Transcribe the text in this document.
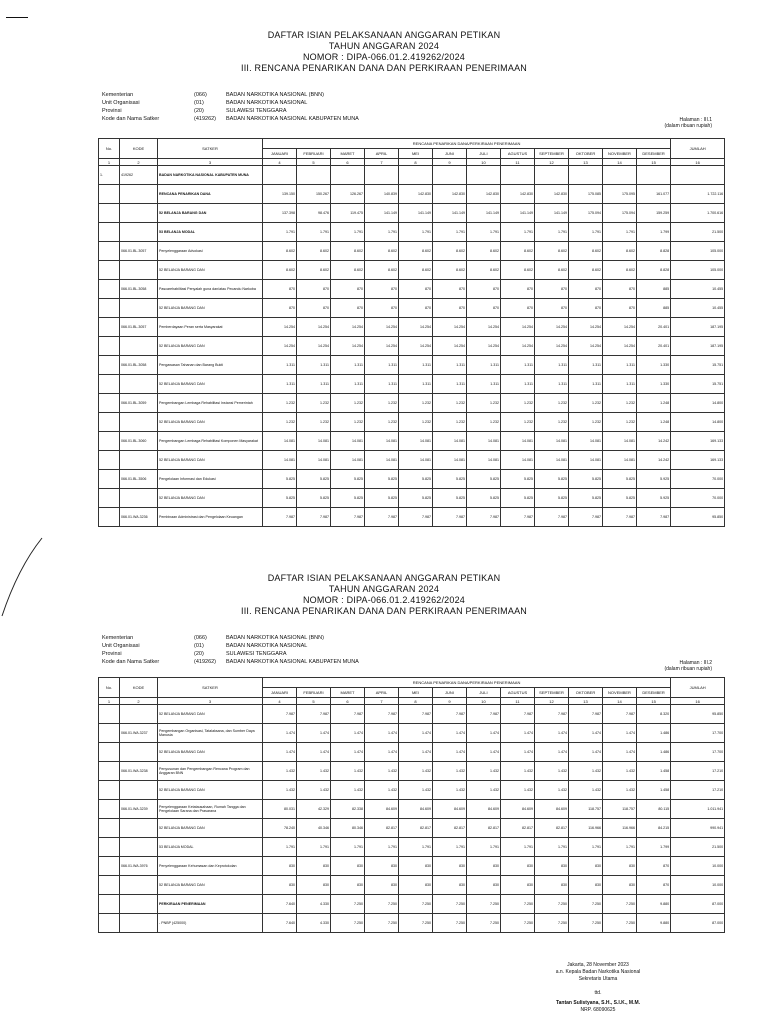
DAFTAR ISIAN PELAKSANAAN ANGGARAN PETIKAN
TAHUN ANGGARAN 2024
NOMOR : DIPA-066.01.2.419262/2024
III. RENCANA PENARIKAN DANA DAN PERKIRAAN PENERIMAAN
Kementerian	(066)	BADAN NARKOTIKA NASIONAL (BNN)
Unit Organisasi	(01)	BADAN NARKOTIKA NASIONAL
Provinsi	(20)	SULAWESI TENGGARA
Kode dan Nama Satker	(419262)	BADAN NARKOTIKA NASIONAL KABUPATEN MUNA	Halaman : III.1
(dalam ribuan rupiah)
No.	KODE	SATKER	RENCANA PENARIKAN DANA/PERKIRAAN PENERIMAAN												JUMLAH
			JANUARI	FEBRUARI	MARET	APRIL	MEI	JUNI	JULI	AGUSTUS	SEPTEMBER	OKTOBER	NOVEMBER	DESEMBER	
1	2	3	4	5	6	7	8	9	10	11	12	13	14	15	16
1.	419262	BADAN NARKOTIKA NASIONAL KABUPATEN MUNA													
		RENCANA PENARIKAN DANA	139.150	150.267	126.267	140.839	142.830	142.830	142.830	142.830	142.830	175.085	175.095	161.077	1.722.116
		52 BELANJA BARANG DAN	137.398	98.476	119.475	141.149	141.149	141.149	141.149	141.149	141.149	175.094	175.094	159.259	1.700.616
		53 BELANJA MODAL	1.791	1.791	1.791	1.791	1.791	1.791	1.791	1.791	1.791	1.791	1.791	1.799	21.500
	066.01.BL.3057	Penyelenggaraan Advokasi	8.602	8.602	8.602	8.602	8.602	8.602	8.602	8.602	8.602	8.602	8.602	8.828	105.000
		52 BELANJA BARANG DAN	8.602	8.602	8.602	8.602	8.602	8.602	8.602	8.602	8.602	8.602	8.602	8.828	105.000
	066.01.BL.3058	Pascarehabilitasi Penyalah guna dan/atau Pecandu Narkoba	870	870	870	870	870	870	870	870	870	870	870	885	10.455
		52 BELANJA BARANG DAN	870	870	870	870	870	870	870	870	870	870	870	885	10.455
	066.01.BL.3057	Pemberdayaan Peran serta Masyarakat	14.254	14.254	14.254	14.254	14.254	14.254	14.254	14.254	14.254	14.254	14.254	20.401	187.195
		52 BELANJA BARANG DAN	14.254	14.254	14.254	14.254	14.254	14.254	14.254	14.254	14.254	14.254	14.254	20.401	187.195
	066.01.BL.3058	Pengawasan Tahanan dan Barang Bukti	1.311	1.311	1.311	1.311	1.311	1.311	1.311	1.311	1.311	1.311	1.311	1.330	15.751
		52 BELANJA BARANG DAN	1.311	1.311	1.311	1.311	1.311	1.311	1.311	1.311	1.311	1.311	1.311	1.330	15.751
	066.01.BL.3059	Pengembangan Lembaga Rehabilitasi Instansi Pemerintah	1.232	1.232	1.232	1.232	1.232	1.232	1.232	1.232	1.232	1.232	1.232	1.248	14.800
		52 BELANJA BARANG DAN	1.232	1.232	1.232	1.232	1.232	1.232	1.232	1.232	1.232	1.232	1.232	1.248	14.800
	066.01.BL.3060	Pengembangan Lembaga Rehabilitasi Komponen Masyarakat	14.081	14.081	14.081	14.081	14.081	14.081	14.081	14.081	14.081	14.081	14.081	14.242	169.133
		52 BELANJA BARANG DAN	14.081	14.081	14.081	14.081	14.081	14.081	14.081	14.081	14.081	14.081	14.081	14.242	169.133
	066.01.BL.3506	Pengelolaan Informasi dan Edukasi	5.825	5.825	5.825	5.825	5.825	5.825	5.825	5.825	5.825	5.825	5.825	5.925	70.000
		52 BELANJA BARANG DAN	5.825	5.825	5.825	5.825	5.825	5.825	5.825	5.825	5.825	5.825	5.825	5.925	70.000
	066.01.WA.3236	Pembinaan Administrasi dan Pengelolaan Keuangan	7.987	7.987	7.987	7.987	7.987	7.987	7.987	7.987	7.987	7.987	7.987	7.987	95.850
DAFTAR ISIAN PELAKSANAAN ANGGARAN PETIKAN
TAHUN ANGGARAN 2024
NOMOR : DIPA-066.01.2.419262/2024
III. RENCANA PENARIKAN DANA DAN PERKIRAAN PENERIMAAN
Kementerian	(066)	BADAN NARKOTIKA NASIONAL (BNN)
Unit Organisasi	(01)	BADAN NARKOTIKA NASIONAL
Provinsi	(20)	SULAWESI TENGGARA
Kode dan Nama Satker	(419262)	BADAN NARKOTIKA NASIONAL KABUPATEN MUNA	Halaman : III.2
(dalam ribuan rupiah)
No.	KODE	SATKER	RENCANA PENARIKAN DANA/PERKIRAAN PENERIMAAN												JUMLAH
			JANUARI	FEBRUARI	MARET	APRIL	MEI	JUNI	JULI	AGUSTUS	SEPTEMBER	OKTOBER	NOVEMBER	DESEMBER	
1	2	3	4	5	6	7	8	9	10	11	12	13	14	15	16
		52 BELANJA BARANG DAN	7.987	7.987	7.987	7.987	7.987	7.987	7.987	7.987	7.987	7.987	7.987	8.320	95.850
	066.01.WA.3237	Pengembangan Organisasi, Tatalaksana, dan Sumber Daya Manusia	1.474	1.474	1.474	1.474	1.474	1.474	1.474	1.474	1.474	1.474	1.474	1.486	17.700
		52 BELANJA BARANG DAN	1.474	1.474	1.474	1.474	1.474	1.474	1.474	1.474	1.474	1.474	1.474	1.486	17.700
	066.01.WA.3238	Penyusunan dan Pengembangan Rencana Program dan Anggaran BNN	1.432	1.432	1.432	1.432	1.432	1.432	1.432	1.432	1.432	1.432	1.432	1.458	17.210
		52 BELANJA BARANG DAN	1.432	1.432	1.432	1.432	1.432	1.432	1.432	1.432	1.432	1.432	1.432	1.458	17.210
	066.01.WA.3239	Penyelenggaraan Ketatausahaan, Rumah Tangga dan Pengelolaan Sarana dan Prasarana	80.031	42.329	82.338	84.609	84.609	84.609	84.609	84.609	84.609	118.757	118.757	80.115	1.011.941
		52 BELANJA BARANG DAN	78.240	40.346	80.346	82.817	82.817	82.817	82.817	82.817	82.817	116.966	116.966	84.215	990.941
		53 BELANJA MODAL	1.791	1.791	1.791	1.791	1.791	1.791	1.791	1.791	1.791	1.791	1.791	1.799	21.500
	066.01.WA.3976	Penyelenggaraan Kehumasan dan Keprotokolan	830	830	830	830	830	830	830	830	830	830	830	870	10.000
		52 BELANJA BARANG DAN	830	830	830	830	830	830	830	830	830	830	830	870	10.000
		PERKIRAAN PENERIMAAN	7.640	4.330	7.250	7.250	7.250	7.250	7.250	7.250	7.250	7.250	7.250	9.880	87.000
		- PNBP (425000)	7.640	4.330	7.250	7.250	7.250	7.250	7.250	7.250	7.250	7.250	7.250	9.880	87.000
Jakarta, 28 November 2023
a.n. Kepala Badan Narkotika Nasional
Sekretaris Utama
ttd.
Tantan Sulistyana, S.H., S.I.K., M.M.
NRP. 68090625
